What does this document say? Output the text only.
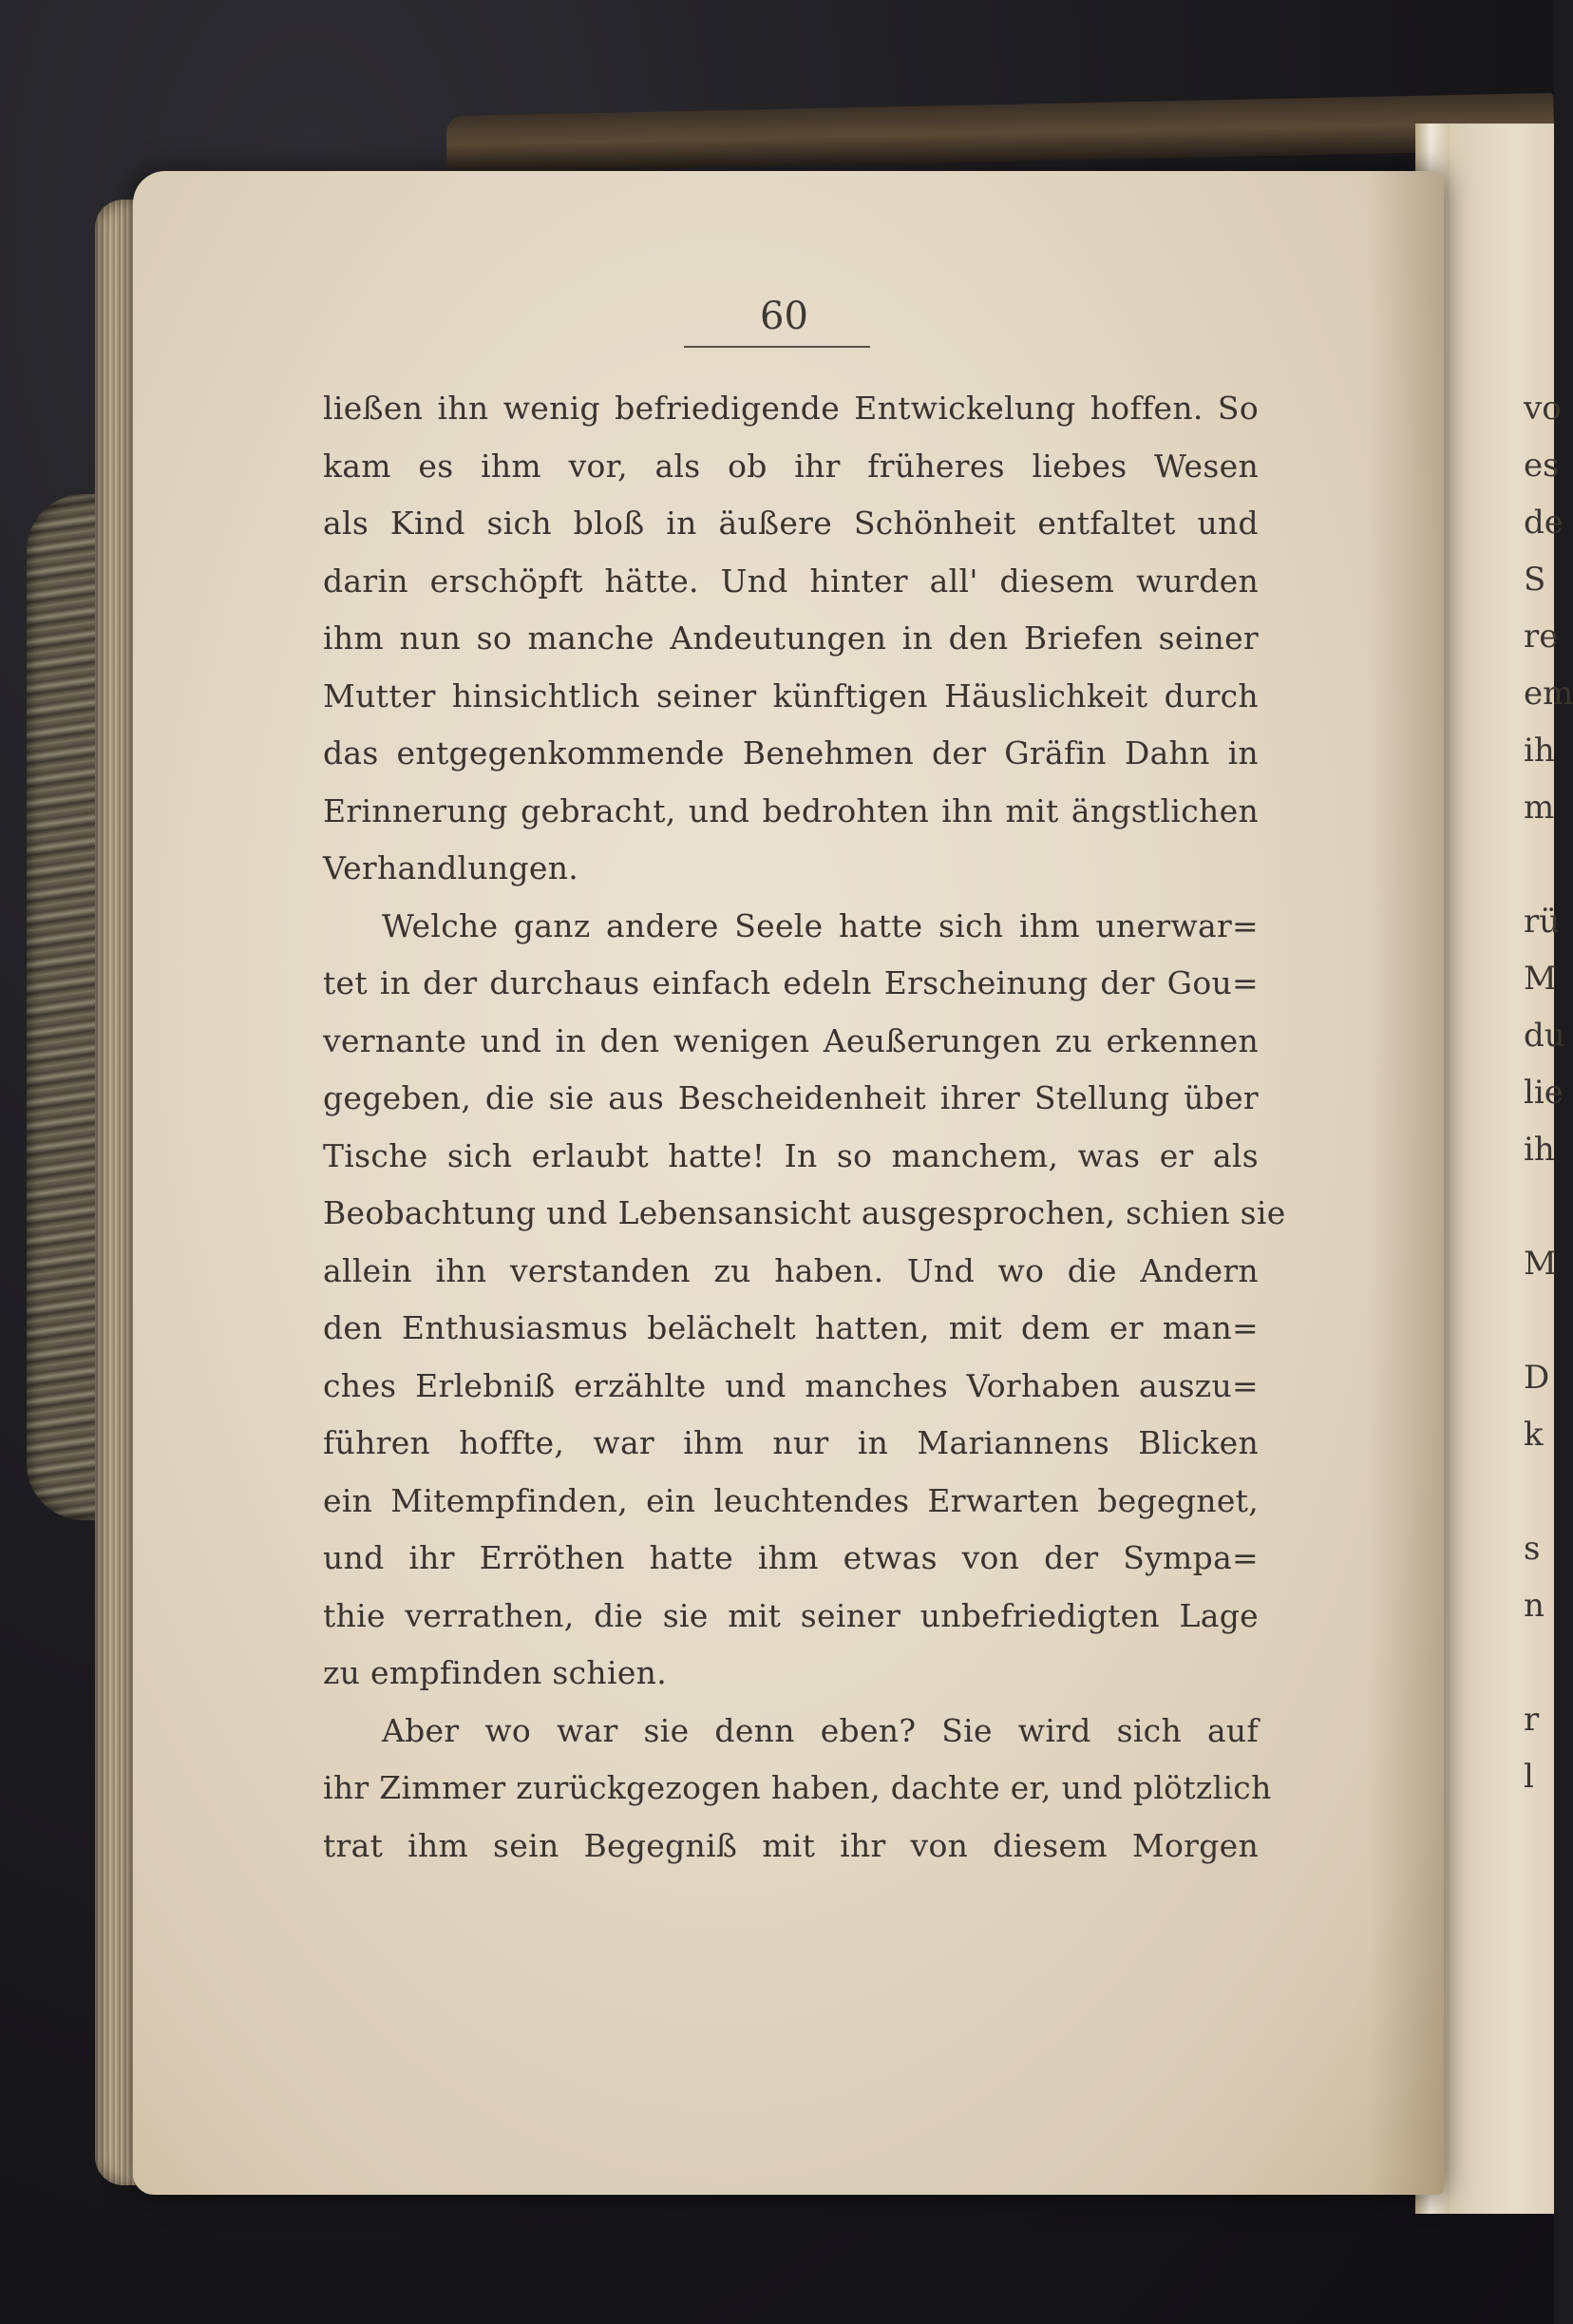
vo
es
de
S
re
em
ih
m
rü
M
du
lie
ih
M
D
k
s
n
r
l
60
ließen ihn wenig befriedigende Entwickelung hoffen. So
kam es ihm vor, als ob ihr früheres liebes Wesen
als Kind sich bloß in äußere Schönheit entfaltet und
darin erschöpft hätte. Und hinter all' diesem wurden
ihm nun so manche Andeutungen in den Briefen seiner
Mutter hinsichtlich seiner künftigen Häuslichkeit durch
das entgegenkommende Benehmen der Gräfin Dahn in
Erinnerung gebracht, und bedrohten ihn mit ängstlichen
Verhandlungen.
Welche ganz andere Seele hatte sich ihm unerwar=
tet in der durchaus einfach edeln Erscheinung der Gou=
vernante und in den wenigen Aeußerungen zu erkennen
gegeben, die sie aus Bescheidenheit ihrer Stellung über
Tische sich erlaubt hatte! In so manchem, was er als
Beobachtung und Lebensansicht ausgesprochen, schien sie
allein ihn verstanden zu haben. Und wo die Andern
den Enthusiasmus belächelt hatten, mit dem er man=
ches Erlebniß erzählte und manches Vorhaben auszu=
führen hoffte, war ihm nur in Mariannens Blicken
ein Mitempfinden, ein leuchtendes Erwarten begegnet,
und ihr Erröthen hatte ihm etwas von der Sympa=
thie verrathen, die sie mit seiner unbefriedigten Lage
zu empfinden schien.
Aber wo war sie denn eben? Sie wird sich auf
ihr Zimmer zurückgezogen haben, dachte er, und plötzlich
trat ihm sein Begegniß mit ihr von diesem Morgen
